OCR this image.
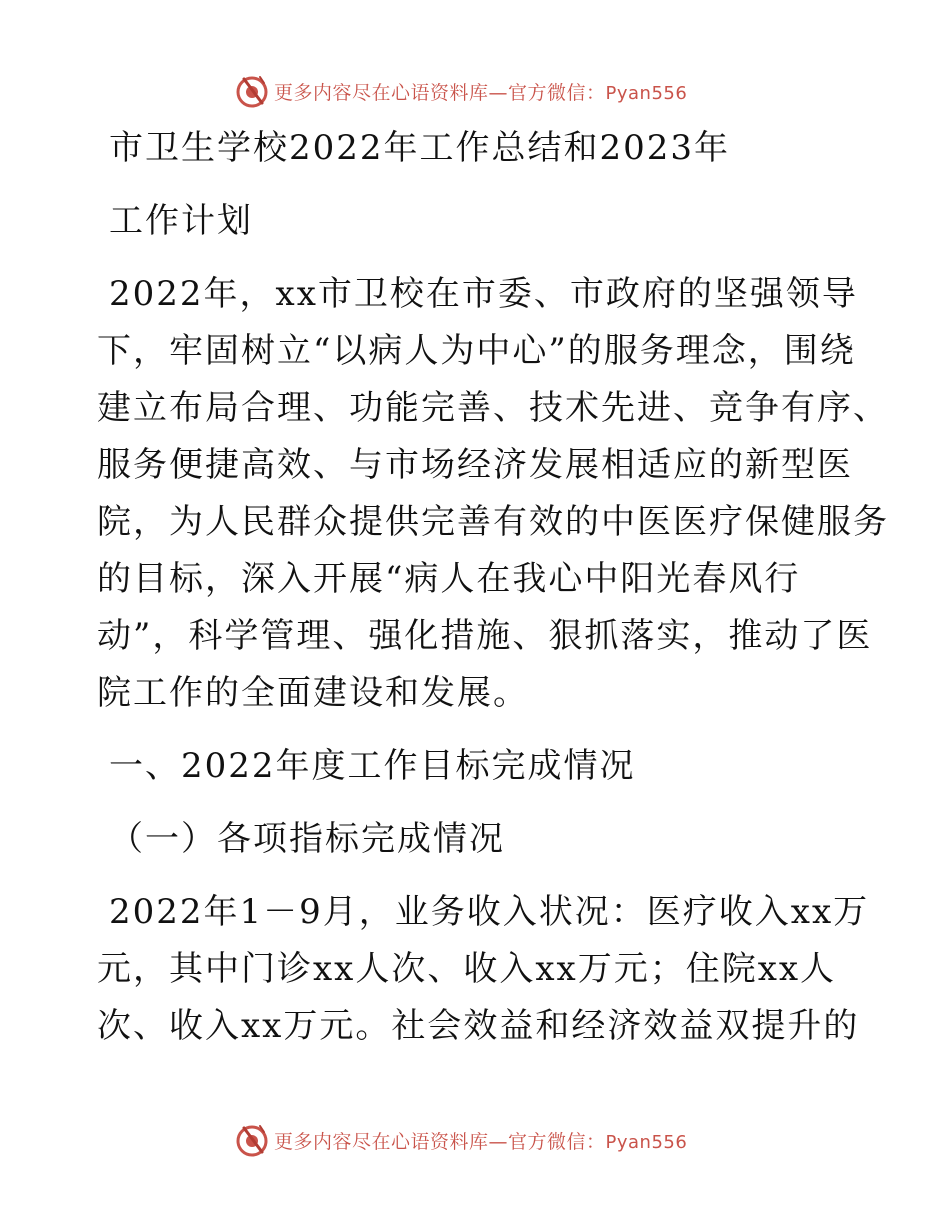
更多内容尽在心语资料库—官方微信：Pyan556
市卫生学校2022年工作总结和2023年
工作计划
2022年，xx市卫校在市委、市政府的坚强领导
下，牢固树立“以病人为中心”的服务理念，围绕
建立布局合理、功能完善、技术先进、竞争有序、
服务便捷高效、与市场经济发展相适应的新型医
院，为人民群众提供完善有效的中医医疗保健服务
的目标，深入开展“病人在我心中阳光春风行
动”，科学管理、强化措施、狠抓落实，推动了医
院工作的全面建设和发展。
一、2022年度工作目标完成情况
（一）各项指标完成情况
2022年1－9月，业务收入状况：医疗收入xx万
元，其中门诊xx人次、收入xx万元；住院xx人
次、收入xx万元。社会效益和经济效益双提升的
更多内容尽在心语资料库—官方微信：Pyan556
